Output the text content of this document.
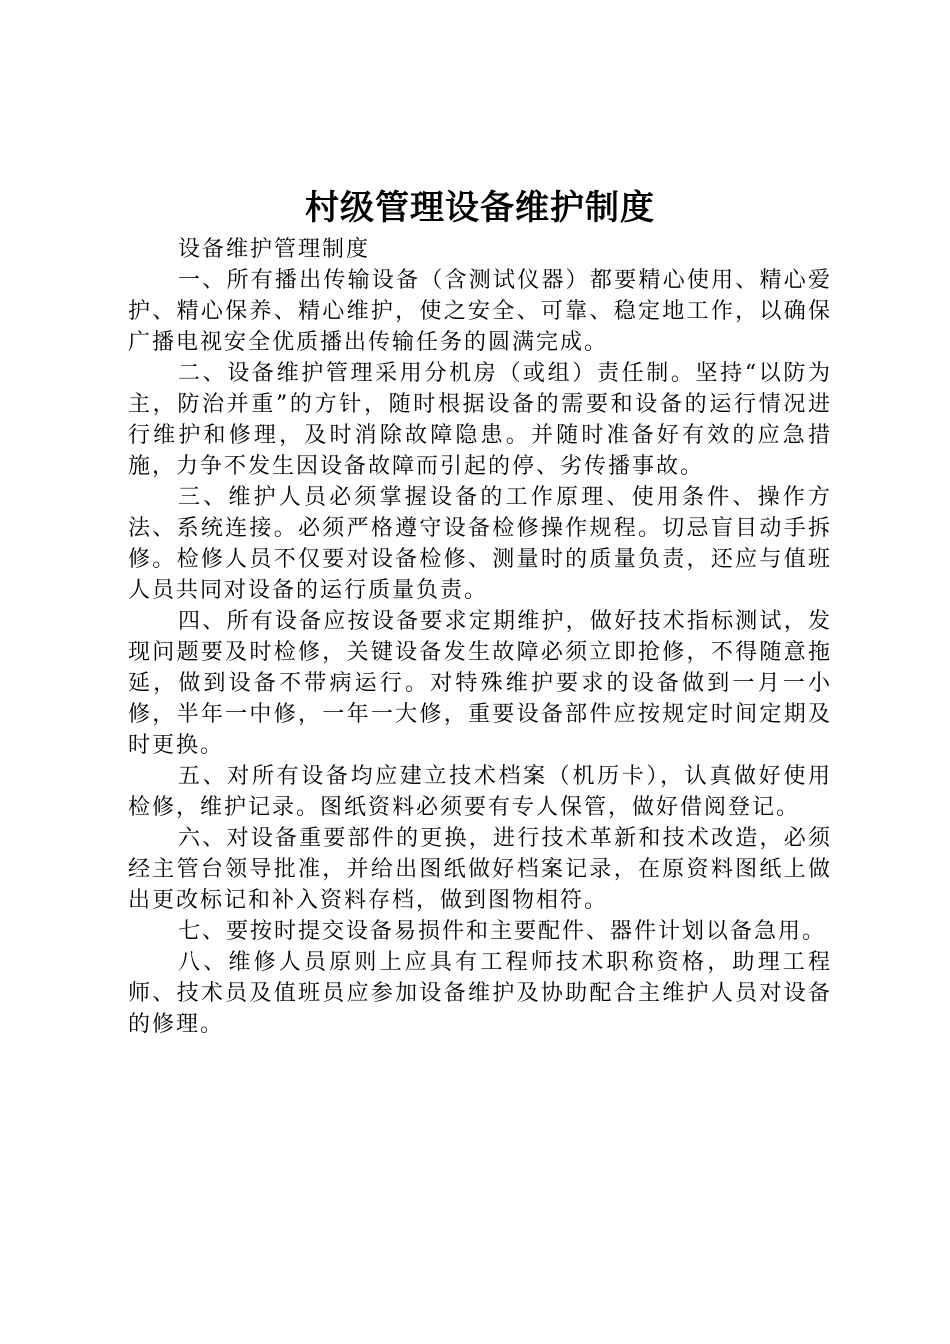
村级管理设备维护制度

设备维护管理制度

一、所有播出传输设备（含测试仪器）都要精心使用、精心爱护、精心保养、精心维护，使之安全、可靠、稳定地工作，以确保广播电视安全优质播出传输任务的圆满完成。

二、设备维护管理采用分机房（或组）责任制。坚持“以防为主，防治并重”的方针，随时根据设备的需要和设备的运行情况进行维护和修理，及时消除故障隐患。并随时准备好有效的应急措施，力争不发生因设备故障而引起的停、劣传播事故。

三、维护人员必须掌握设备的工作原理、使用条件、操作方法、系统连接。必须严格遵守设备检修操作规程。切忌盲目动手拆修。检修人员不仅要对设备检修、测量时的质量负责，还应与值班人员共同对设备的运行质量负责。

四、所有设备应按设备要求定期维护，做好技术指标测试，发现问题要及时检修，关键设备发生故障必须立即抢修，不得随意拖延，做到设备不带病运行。对特殊维护要求的设备做到一月一小修，半年一中修，一年一大修，重要设备部件应按规定时间定期及时更换。

五、对所有设备均应建立技术档案（机历卡），认真做好使用检修，维护记录。图纸资料必须要有专人保管，做好借阅登记。

六、对设备重要部件的更换，进行技术革新和技术改造，必须经主管台领导批准，并给出图纸做好档案记录，在原资料图纸上做出更改标记和补入资料存档，做到图物相符。

七、要按时提交设备易损件和主要配件、器件计划以备急用。

八、维修人员原则上应具有工程师技术职称资格，助理工程师、技术员及值班员应参加设备维护及协助配合主维护人员对设备的修理。
